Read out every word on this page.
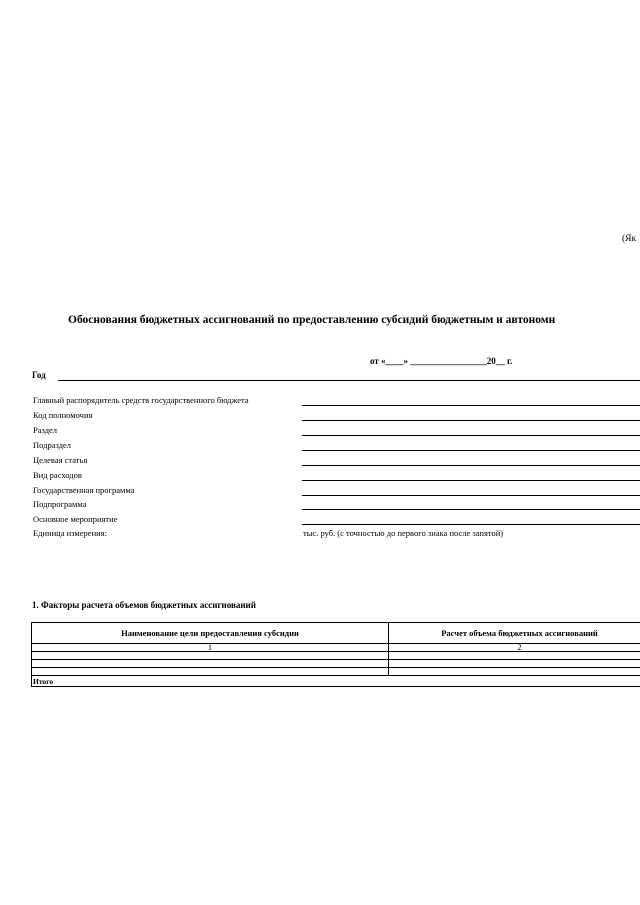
(Як
Обоснования бюджетных ассигнований по предоставлению субсидий бюджетным и автономн
от «____» _________________20__ г.
Год
Главный распорядитель средств государственного бюджета
Код полномочия
Раздел
Подраздел
Целевая статья
Вид расходов
Государственная программа
Подпрограмма
Основное мероприятие
Единица измерения:	тыс. руб. (с точностью до первого знака после запятой)
1. Факторы расчета объемов бюджетных ассигнований
Наименование цели предоставления субсидии	Расчет объема бюджетных ассигнований
1	2

Итого	
